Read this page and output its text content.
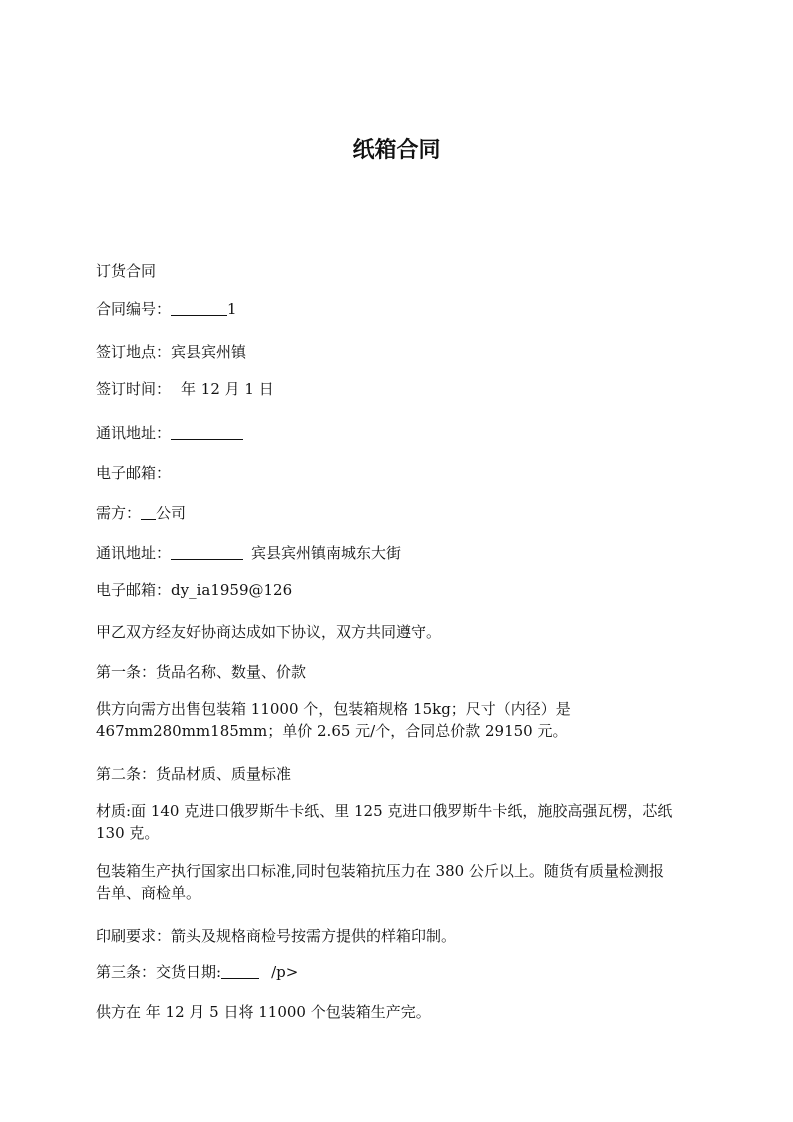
纸箱合同
订货合同
合同编号：	1
签订地点：宾县宾州镇
签订时间： 年 12 月 1 日
通讯地址：
电子邮箱：
需方： 公司
通讯地址：	宾县宾州镇南城东大街
电子邮箱：dy_ia1959@126
甲乙双方经友好协商达成如下协议，双方共同遵守。
第一条：货品名称、数量、价款
供方向需方出售包装箱 11000 个，包装箱规格 15kg；尺寸（内径）是
467mm280mm185mm；单价 2.65 元/个，合同总价款 29150 元。
第二条：货品材质、质量标准
材质:面 140 克进口俄罗斯牛卡纸、里 125 克进口俄罗斯牛卡纸，施胶高强瓦楞，芯纸
130 克。
包装箱生产执行国家出口标准,同时包装箱抗压力在 380 公斤以上。随货有质量检测报
告单、商检单。
印刷要求：箭头及规格商检号按需方提供的样箱印制。
第三条：交货日期:	/p>
供方在 年 12 月 5 日将 11000 个包装箱生产完。
